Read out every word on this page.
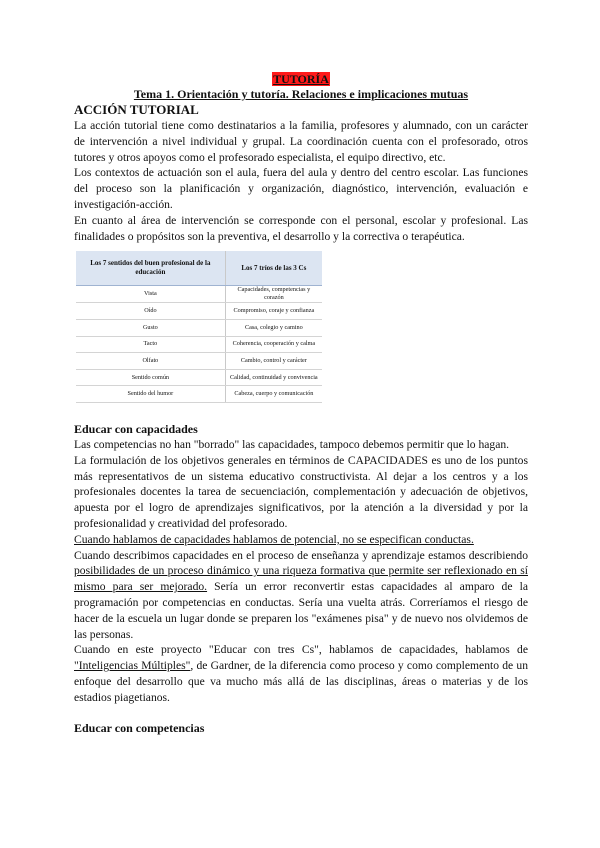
TUTORÍA

Tema 1. Orientación y tutoría. Relaciones e implicaciones mutuas

ACCIÓN TUTORIAL

La acción tutorial tiene como destinatarios a la familia, profesores y alumnado, con un carácter de intervención a nivel individual y grupal. La coordinación cuenta con el profesorado, otros tutores y otros apoyos como el profesorado especialista, el equipo directivo, etc.

Los contextos de actuación son el aula, fuera del aula y dentro del centro escolar. Las funciones del proceso son la planificación y organización, diagnóstico, intervención, evaluación e investigación-acción.

En cuanto al área de intervención se corresponde con el personal, escolar y profesional. Las finalidades o propósitos son la preventiva, el desarrollo y la correctiva o terapéutica.

Los 7 sentidos del buen profesional de la educación	Los 7 tríos de las 3 Cs
Vista	Capacidades, competencias y corazón
Oído	Compromiso, coraje y confianza
Gusto	Casa, colegio y camino
Tacto	Coherencia, cooperación y calma
Olfato	Cambio, control y carácter
Sentido común	Calidad, continuidad y convivencia
Sentido del humor	Cabeza, cuerpo y comunicación
Educar con capacidades

Las competencias no han "borrado" las capacidades, tampoco debemos permitir que lo hagan.

La formulación de los objetivos generales en términos de CAPACIDADES es uno de los puntos más representativos de un sistema educativo constructivista. Al dejar a los centros y a los profesionales docentes la tarea de secuenciación, complementación y adecuación de objetivos, apuesta por el logro de aprendizajes significativos, por la atención a la diversidad y por la profesionalidad y creatividad del profesorado.

Cuando hablamos de capacidades hablamos de potencial, no se especifican conductas.

Cuando describimos capacidades en el proceso de enseñanza y aprendizaje estamos describiendo posibilidades de un proceso dinámico y una riqueza formativa que permite ser reflexionado en sí mismo para ser mejorado. Sería un error reconvertir estas capacidades al amparo de la programación por competencias en conductas. Sería una vuelta atrás. Correríamos el riesgo de hacer de la escuela un lugar donde se preparen los "exámenes pisa" y de nuevo nos olvidemos de las personas.

Cuando en este proyecto "Educar con tres Cs", hablamos de capacidades, hablamos de "Inteligencias Múltiples", de Gardner, de la diferencia como proceso y como complemento de un enfoque del desarrollo que va mucho más allá de las disciplinas, áreas o materias y de los estadios piagetianos.

Educar con competencias
